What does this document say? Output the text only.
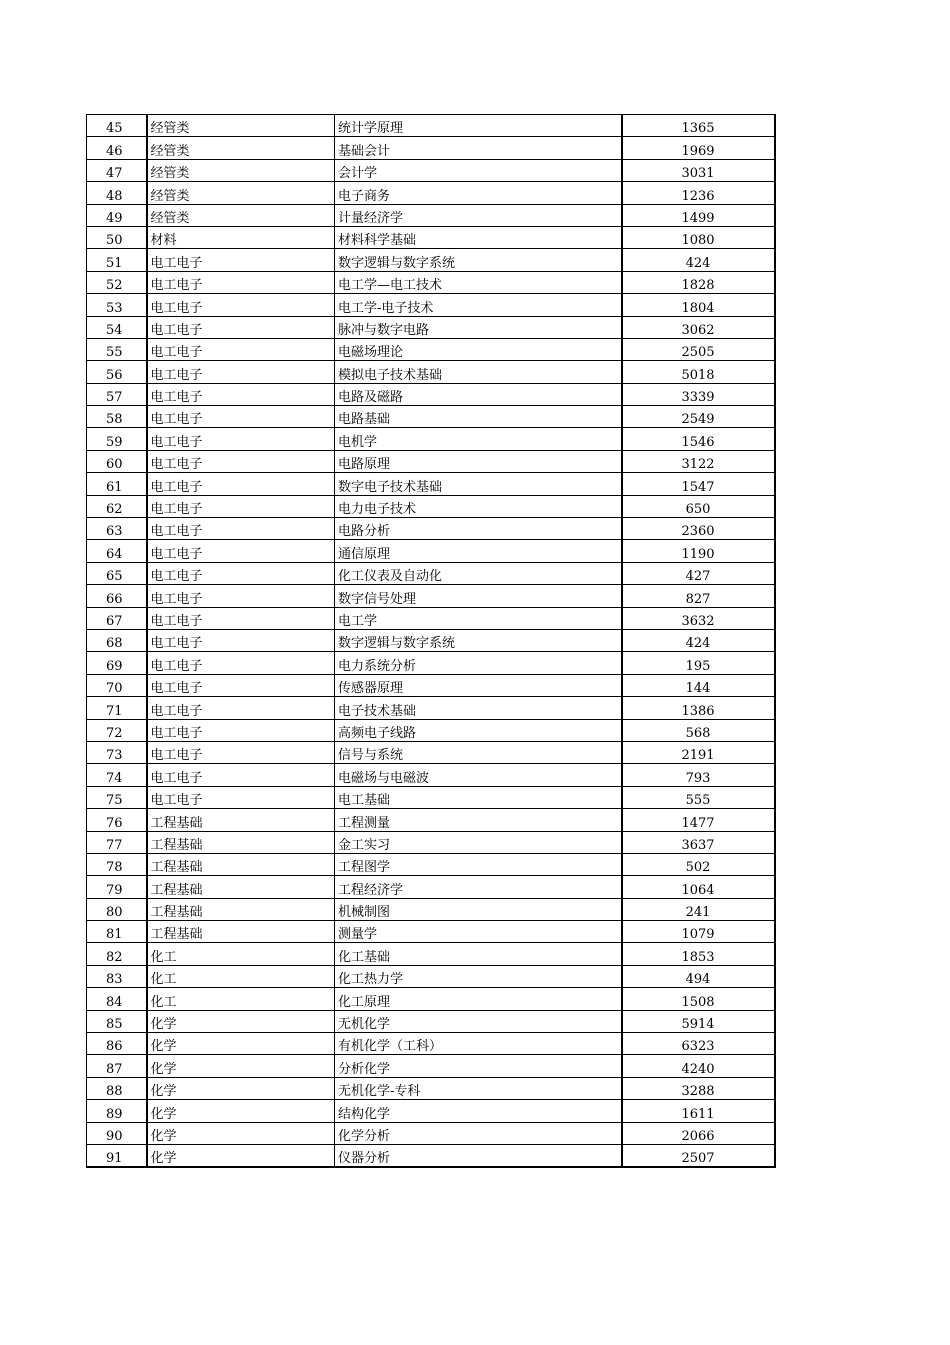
45	经管类	统计学原理	1365
46	经管类	基础会计	1969
47	经管类	会计学	3031
48	经管类	电子商务	1236
49	经管类	计量经济学	1499
50	材料	材料科学基础	1080
51	电工电子	数字逻辑与数字系统	424
52	电工电子	电工学—电工技术	1828
53	电工电子	电工学-电子技术	1804
54	电工电子	脉冲与数字电路	3062
55	电工电子	电磁场理论	2505
56	电工电子	模拟电子技术基础	5018
57	电工电子	电路及磁路	3339
58	电工电子	电路基础	2549
59	电工电子	电机学	1546
60	电工电子	电路原理	3122
61	电工电子	数字电子技术基础	1547
62	电工电子	电力电子技术	650
63	电工电子	电路分析	2360
64	电工电子	通信原理	1190
65	电工电子	化工仪表及自动化	427
66	电工电子	数字信号处理	827
67	电工电子	电工学	3632
68	电工电子	数字逻辑与数字系统	424
69	电工电子	电力系统分析	195
70	电工电子	传感器原理	144
71	电工电子	电子技术基础	1386
72	电工电子	高频电子线路	568
73	电工电子	信号与系统	2191
74	电工电子	电磁场与电磁波	793
75	电工电子	电工基础	555
76	工程基础	工程测量	1477
77	工程基础	金工实习	3637
78	工程基础	工程图学	502
79	工程基础	工程经济学	1064
80	工程基础	机械制图	241
81	工程基础	测量学	1079
82	化工	化工基础	1853
83	化工	化工热力学	494
84	化工	化工原理	1508
85	化学	无机化学	5914
86	化学	有机化学（工科）	6323
87	化学	分析化学	4240
88	化学	无机化学-专科	3288
89	化学	结构化学	1611
90	化学	化学分析	2066
91	化学	仪器分析	2507
